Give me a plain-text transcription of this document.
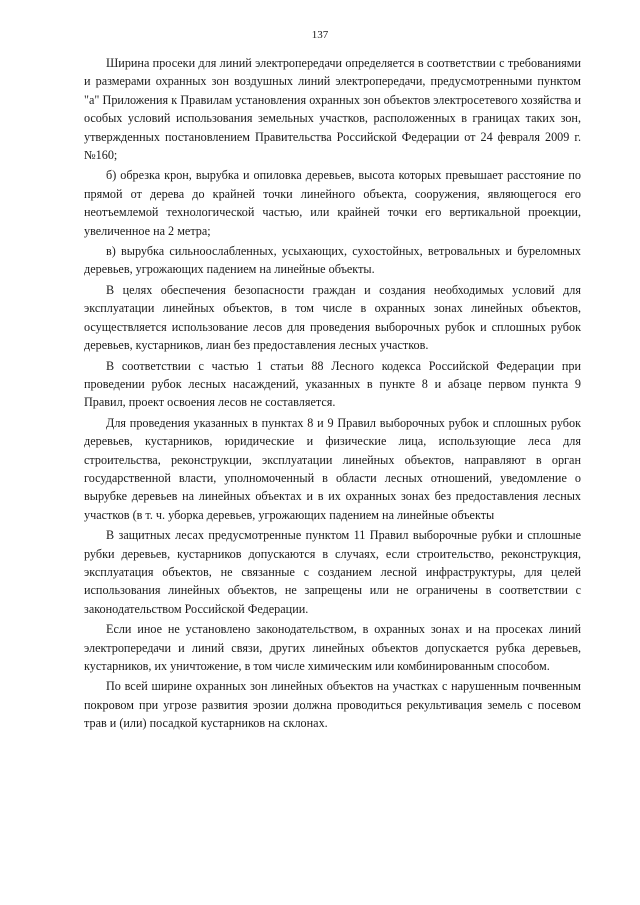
137

Ширина просеки для линий электропередачи определяется в соответствии с требованиями и размерами охранных зон воздушных линий электропередачи, предусмотренными пунктом "а" Приложения к Правилам установления охранных зон объектов электросетевого хозяйства и особых условий использования земельных участков, расположенных в границах таких зон, утвержденных постановлением Правительства Российской Федерации от 24 февраля 2009 г. №160;

б) обрезка крон, вырубка и опиловка деревьев, высота которых превышает расстояние по прямой от дерева до крайней точки линейного объекта, сооружения, являющегося его неотъемлемой технологической частью, или крайней точки его вертикальной проекции, увеличенное на 2 метра;

в) вырубка сильноослабленных, усыхающих, сухостойных, ветровальных и буреломных деревьев, угрожающих падением на линейные объекты.

В целях обеспечения безопасности граждан и создания необходимых условий для эксплуатации линейных объектов, в том числе в охранных зонах линейных объектов, осуществляется использование лесов для проведения выборочных рубок и сплошных рубок деревьев, кустарников, лиан без предоставления лесных участков.

В соответствии с частью 1 статьи 88 Лесного кодекса Российской Федерации при проведении рубок лесных насаждений, указанных в пункте 8 и абзаце первом пункта 9 Правил, проект освоения лесов не составляется.

Для проведения указанных в пунктах 8 и 9 Правил выборочных рубок и сплошных рубок деревьев, кустарников, юридические и физические лица, использующие леса для строительства, реконструкции, эксплуатации линейных объектов, направляют в орган государственной власти, уполномоченный в области лесных отношений, уведомление о вырубке деревьев на линейных объектах и в их охранных зонах без предоставления лесных участков (в т. ч. уборка деревьев, угрожающих падением на линейные объекты

В защитных лесах предусмотренные пунктом 11 Правил выборочные рубки и сплошные рубки деревьев, кустарников допускаются в случаях, если строительство, реконструкция, эксплуатация объектов, не связанные с созданием лесной инфраструктуры, для целей использования линейных объектов, не запрещены или не ограничены в соответствии с законодательством Российской Федерации.

Если иное не установлено законодательством, в охранных зонах и на просеках линий электропередачи и линий связи, других линейных объектов допускается рубка деревьев, кустарников, их уничтожение, в том числе химическим или комбинированным способом.

По всей ширине охранных зон линейных объектов на участках с нарушенным почвенным покровом при угрозе развития эрозии должна проводиться рекультивация земель с посевом трав и (или) посадкой кустарников на склонах.
